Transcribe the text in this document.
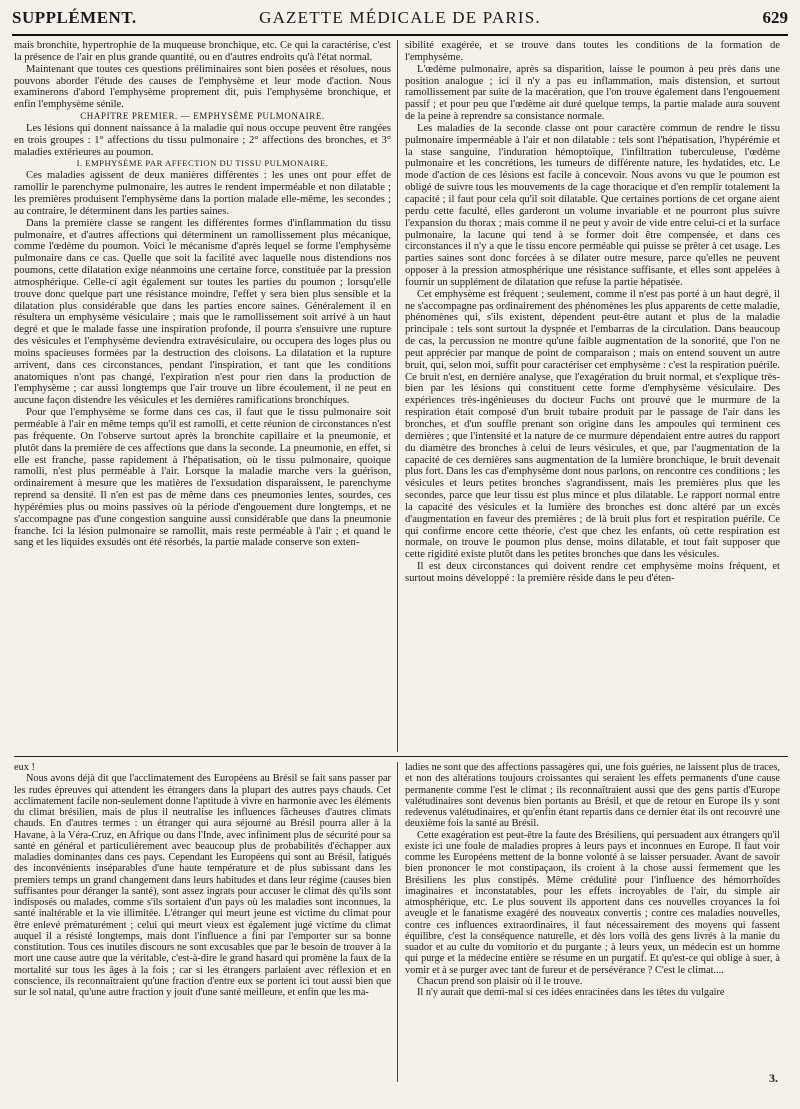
SUPPLÉMENT.	GAZETTE MÉDICALE DE PARIS.	629

mais bronchite, hypertrophie de la muqueuse bronchique, etc. Ce qui la caractérise, c'est la présence de l'air en plus grande quantité, ou en d'autres endroits qu'à l'état normal.

Maintenant que toutes ces questions préliminaires sont bien posées et résolues, nous pouvons aborder l'étude des causes de l'emphysème et leur mode d'action. Nous examinerons d'abord l'emphysème proprement dit, puis l'emphysème bronchique, et enfin l'emphysème sénile.

CHAPITRE PREMIER. — EMPHYSÈME PULMONAIRE.

Les lésions qui donnent naissance à la maladie qui nous occupe peuvent être rangées en trois groupes : 1° affections du tissu pulmonaire ; 2° affections des bronches, et 3° maladies extérieures au poumon.

I. EMPHYSÈME PAR AFFECTION DU TISSU PULMONAIRE.

Ces maladies agissent de deux manières différentes : les unes ont pour effet de ramollir le parenchyme pulmonaire, les autres le rendent imperméable et non dilatable ; les premières produisent l'emphysème dans la portion malade elle-même, les secondes ; au contraire, le déterminent dans les parties saines.

Dans la première classe se rangent les différentes formes d'inflammation du tissu pulmonaire, et d'autres affections qui déterminent un ramollissement plus mécanique, comme l'œdème du poumon. Voici le mécanisme d'après lequel se forme l'emphysème pulmonaire dans ce cas. Quelle que soit la facilité avec laquelle nous distendions nos poumons, cette dilatation exige néanmoins une certaine force, constituée par la pression atmosphérique. Celle-ci agit également sur toutes les parties du poumon ; lorsqu'elle trouve donc quelque part une résistance moindre, l'effet y sera bien plus sensible et la dilatation plus considérable que dans les parties encore saines. Généralement il en résultera un emphysème vésiculaire ; mais que le ramollissement soit arrivé à un haut degré et que le malade fasse une inspiration profonde, il pourra s'ensuivre une rupture des vésicules et l'emphysème deviendra extravésiculaire, ou occupera des loges plus ou moins spacieuses formées par la destruction des cloisons. La dilatation et la rupture arrivent, dans ces circonstances, pendant l'inspiration, et tant que les conditions anatomiques n'ont pas changé, l'expiration n'est pour rien dans la production de l'emphysème ; car aussi longtemps que l'air trouve un libre écoulement, il ne peut en aucune façon distendre les vésicules et les dernières ramifications bronchiques.

Pour que l'emphysème se forme dans ces cas, il faut que le tissu pulmonaire soit perméable à l'air en même temps qu'il est ramolli, et cette réunion de circonstances n'est pas fréquente. On l'observe surtout après la bronchite capillaire et la pneumonie, et plutôt dans la première de ces affections que dans la seconde. La pneumonie, en effet, si elle est franche, passe rapidement à l'hépatisation, où le tissu pulmonaire, quoique ramolli, n'est plus perméable à l'air. Lorsque la maladie marche vers la guérison, ordinairement à mesure que les matières de l'exsudation disparaissent, le parenchyme reprend sa densité. Il n'en est pas de même dans ces pneumonies lentes, sourdes, ces hypérémies plus ou moins passives où la période d'engouement dure longtemps, et ne s'accompagne pas d'une congestion sanguine aussi considérable que dans la pneumonie franche. Ici la lésion pulmonaire se ramollit, mais reste perméable à l'air ; et quand le sang et les liquides exsudés ont été résorbés, la partie malade conserve son exten-

sibilité exagérée, et se trouve dans toutes les conditions de la formation de l'emphysème.

L'œdème pulmonaire, après sa disparition, laisse le poumon à peu près dans une position analogue ; ici il n'y a pas eu inflammation, mais distension, et surtout ramollissement par suite de la macération, que l'on trouve également dans l'engouement passif ; et pour peu que l'œdème ait duré quelque temps, la partie malade aura souvent de la peine à reprendre sa consistance normale.

Les maladies de la seconde classe ont pour caractère commun de rendre le tissu pulmonaire imperméable à l'air et non dilatable : tels sont l'hépatisation, l'hypérémie et la stase sanguine, l'induration hémoptoïque, l'infiltration tuberculeuse, l'œdème pulmonaire et les concrétions, les tumeurs de différente nature, les hydatides, etc. Le mode d'action de ces lésions est facile à concevoir. Nous avons vu que le poumon est obligé de suivre tous les mouvements de la cage thoracique et d'en remplir totalement la capacité ; il faut pour cela qu'il soit dilatable. Que certaines portions de cet organe aient perdu cette faculté, elles garderont un volume invariable et ne pourront plus suivre l'expansion du thorax ; mais comme il ne peut y avoir de vide entre celui-ci et la surface pulmonaire, la lacune qui tend à se former doit être compensée, et dans ces circonstances il n'y a que le tissu encore perméable qui puisse se prêter à cet usage. Les parties saines sont donc forcées à se dilater outre mesure, parce qu'elles ne peuvent opposer à la pression atmosphérique une résistance suffisante, et elles sont appelées à fournir un supplément de dilatation que refuse la partie hépatisée.

Cet emphysème est fréquent ; seulement, comme il n'est pas porté à un haut degré, il ne s'accompagne pas ordinairement des phénomènes les plus apparents de cette maladie, phénomènes qui, s'ils existent, dépendent peut-être autant et plus de la maladie principale : tels sont surtout la dyspnée et l'embarras de la circulation. Dans beaucoup de cas, la percussion ne montre qu'une faible augmentation de la sonorité, que l'on ne peut apprécier par manque de point de comparaison ; mais on entend souvent un autre bruit, qui, selon moi, suffit pour caractériser cet emphysème : c'est la respiration puérile. Ce bruit n'est, en dernière analyse, que l'exagération du bruit normal, et s'explique très-bien par les lésions qui constituent cette forme d'emphysème vésiculaire. Des expériences très-ingénieuses du docteur Fuchs ont prouvé que le murmure de la respiration était composé d'un bruit tubaire produit par le passage de l'air dans les bronches, et d'un souffle prenant son origine dans les ampoules qui terminent ces dernières ; que l'intensité et la nature de ce murmure dépendaient entre autres du rapport du diamètre des bronches à celui de leurs vésicules, et que, par l'augmentation de la capacité de ces dernières sans augmentation de la lumière bronchique, le bruit devenait plus fort. Dans les cas d'emphysème dont nous parlons, on rencontre ces conditions ; les vésicules et leurs petites bronches s'agrandissent, mais les premières plus que les secondes, parce que leur tissu est plus mince et plus dilatable. Le rapport normal entre la capacité des vésicules et la lumière des bronches est donc altéré par un excès d'augmentation en faveur des premières ; de là bruit plus fort et respiration puérile. Ce qui confirme encore cette théorie, c'est que chez les enfants, où cette respiration est normale, on trouve le poumon plus dense, moins dilatable, et tout fait supposer que cette rigidité existe plutôt dans les petites bronches que dans les vésicules.

Il est deux circonstances qui doivent rendre cet emphysème moins fréquent, et surtout moins développé : la première réside dans le peu d'éten-

eux !

Nous avons déjà dit que l'acclimatement des Européens au Brésil se fait sans passer par les rudes épreuves qui attendent les étrangers dans la plupart des autres pays chauds. Cet acclimatement facile non-seulement donne l'aptitude à vivre en harmonie avec les éléments du climat brésilien, mais de plus il neutralise les influences fâcheuses d'autres climats chauds. En d'autres termes : un étranger qui aura séjourné au Brésil pourra aller à la Havane, à la Véra-Cruz, en Afrique ou dans l'Inde, avec infiniment plus de sécurité pour sa santé en général et particulièrement avec beaucoup plus de probabilités d'échapper aux maladies dominantes dans ces pays. Cependant les Européens qui sont au Brésil, fatigués des inconvénients inséparables d'une haute température et de plus subissant dans les premiers temps un grand changement dans leurs habitudes et dans leur régime (causes bien suffisantes pour déranger la santé), sont assez ingrats pour accuser le climat dès qu'ils sont indisposés ou malades, comme s'ils sortaient d'un pays où les maladies sont inconnues, la santé inaltérable et la vie illimitée. L'étranger qui meurt jeune est victime du climat pour être enlevé prématurément ; celui qui meurt vieux est également jugé victime du climat auquel il a résisté longtemps, mais dont l'influence a fini par l'emporter sur sa bonne constitution. Tous ces inutiles discours ne sont excusables que par le besoin de trouver à la mort une cause autre que la véritable, c'est-à-dire le grand hasard qui promène la faux de la mortalité sur tous les âges à la fois ; car si les étrangers parlaient avec réflexion et en conscience, ils reconnaîtraient qu'une fraction d'entre eux se portent ici tout aussi bien que sur le sol natal, qu'une autre fraction y jouit d'une santé meilleure, et enfin que les ma-

ladies ne sont que des affections passagères qui, une fois guéries, ne laissent plus de traces, et non des altérations toujours croissantes qui seraient les effets permanents d'une cause permanente comme l'est le climat ; ils reconnaîtraient aussi que des gens partis d'Europe valétudinaires sont devenus bien portants au Brésil, et que de retour en Europe ils y sont redevenus valétudinaires, et qu'enfin étant repartis dans ce dernier état ils ont recouvré une deuxième fois la santé au Brésil.

Cette exagération est peut-être la faute des Brésiliens, qui persuadent aux étrangers qu'il existe ici une foule de maladies propres à leurs pays et inconnues en Europe. Il faut voir comme les Européens mettent de la bonne volonté à se laisser persuader. Avant de savoir bien prononcer le mot constipaçaon, ils croient à la chose aussi fermement que les Brésiliens les plus constipés. Même crédulité pour l'influence des hémorrhoïdes imaginaires et inconstatables, pour les effets incroyables de l'air, du simple air atmosphérique, etc. Le plus souvent ils apportent dans ces nouvelles croyances la foi aveugle et le fanatisme exagéré des nouveaux convertis ; contre ces maladies nouvelles, contre ces influences extraordinaires, il faut nécessairement des moyens qui fassent équilibre, c'est la conséquence naturelle, et dès lors voilà des gens livrés à la manie du suador et au culte du vomitorio et du purgante ; à leurs yeux, un médecin est un homme qui purge et la médecine entière se résume en un purgatif. Et qu'est-ce qui oblige à suer, à vomir et à se purger avec tant de fureur et de persévérance ? C'est le climat....

Chacun prend son plaisir où il le trouve.

Il n'y aurait que demi-mal si ces idées enracinées dans les têtes du vulgaire

3.
